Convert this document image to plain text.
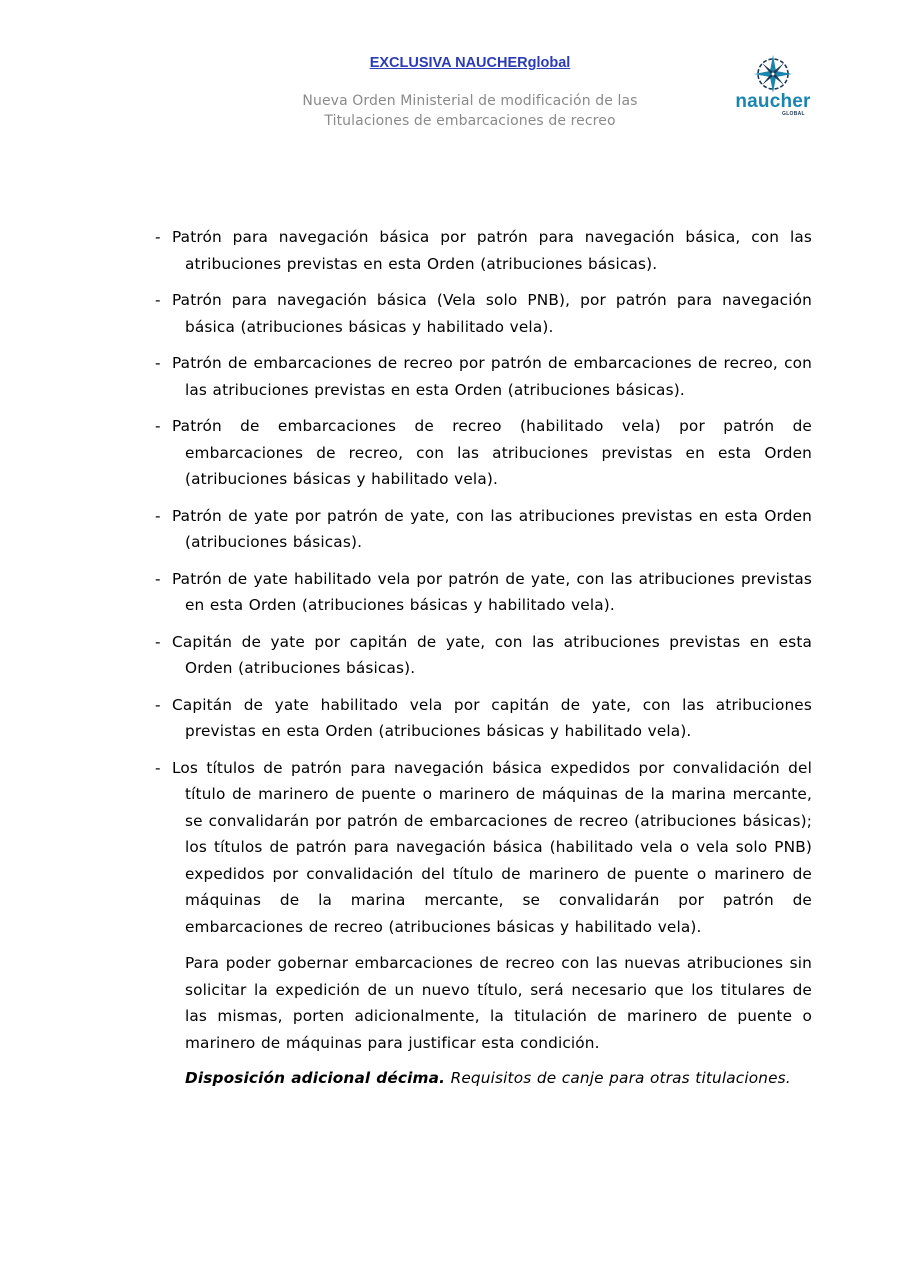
EXCLUSIVA NAUCHERglobal
Nueva Orden Ministerial de modificación de las
Titulaciones de embarcaciones de recreo
naucher
GLOBAL
- Patrón para navegación básica por patrón para navegación básica, con las atribuciones previstas en esta Orden (atribuciones básicas).
- Patrón para navegación básica (Vela solo PNB), por patrón para navegación básica (atribuciones básicas y habilitado vela).
- Patrón de embarcaciones de recreo por patrón de embarcaciones de recreo, con las atribuciones previstas en esta Orden (atribuciones básicas).
- Patrón de embarcaciones de recreo (habilitado vela) por patrón de embarcaciones de recreo, con las atribuciones previstas en esta Orden (atribuciones básicas y habilitado vela).
- Patrón de yate por patrón de yate, con las atribuciones previstas en esta Orden (atribuciones básicas).
- Patrón de yate habilitado vela por patrón de yate, con las atribuciones previstas en esta Orden (atribuciones básicas y habilitado vela).
- Capitán de yate por capitán de yate, con las atribuciones previstas en esta Orden (atribuciones básicas).
- Capitán de yate habilitado vela por capitán de yate, con las atribuciones previstas en esta Orden (atribuciones básicas y habilitado vela).
- Los títulos de patrón para navegación básica expedidos por convalidación del título de marinero de puente o marinero de máquinas de la marina mercante, se convalidarán por patrón de embarcaciones de recreo (atribuciones básicas); los títulos de patrón para navegación básica (habilitado vela o vela solo PNB) expedidos por convalidación del título de marinero de puente o marinero de máquinas de la marina mercante, se convalidarán por patrón de embarcaciones de recreo (atribuciones básicas y habilitado vela).
Para poder gobernar embarcaciones de recreo con las nuevas atribuciones sin solicitar la expedición de un nuevo título, será necesario que los titulares de las mismas, porten adicionalmente, la titulación de marinero de puente o marinero de máquinas para justificar esta condición.
Disposición adicional décima. Requisitos de canje para otras titulaciones.
